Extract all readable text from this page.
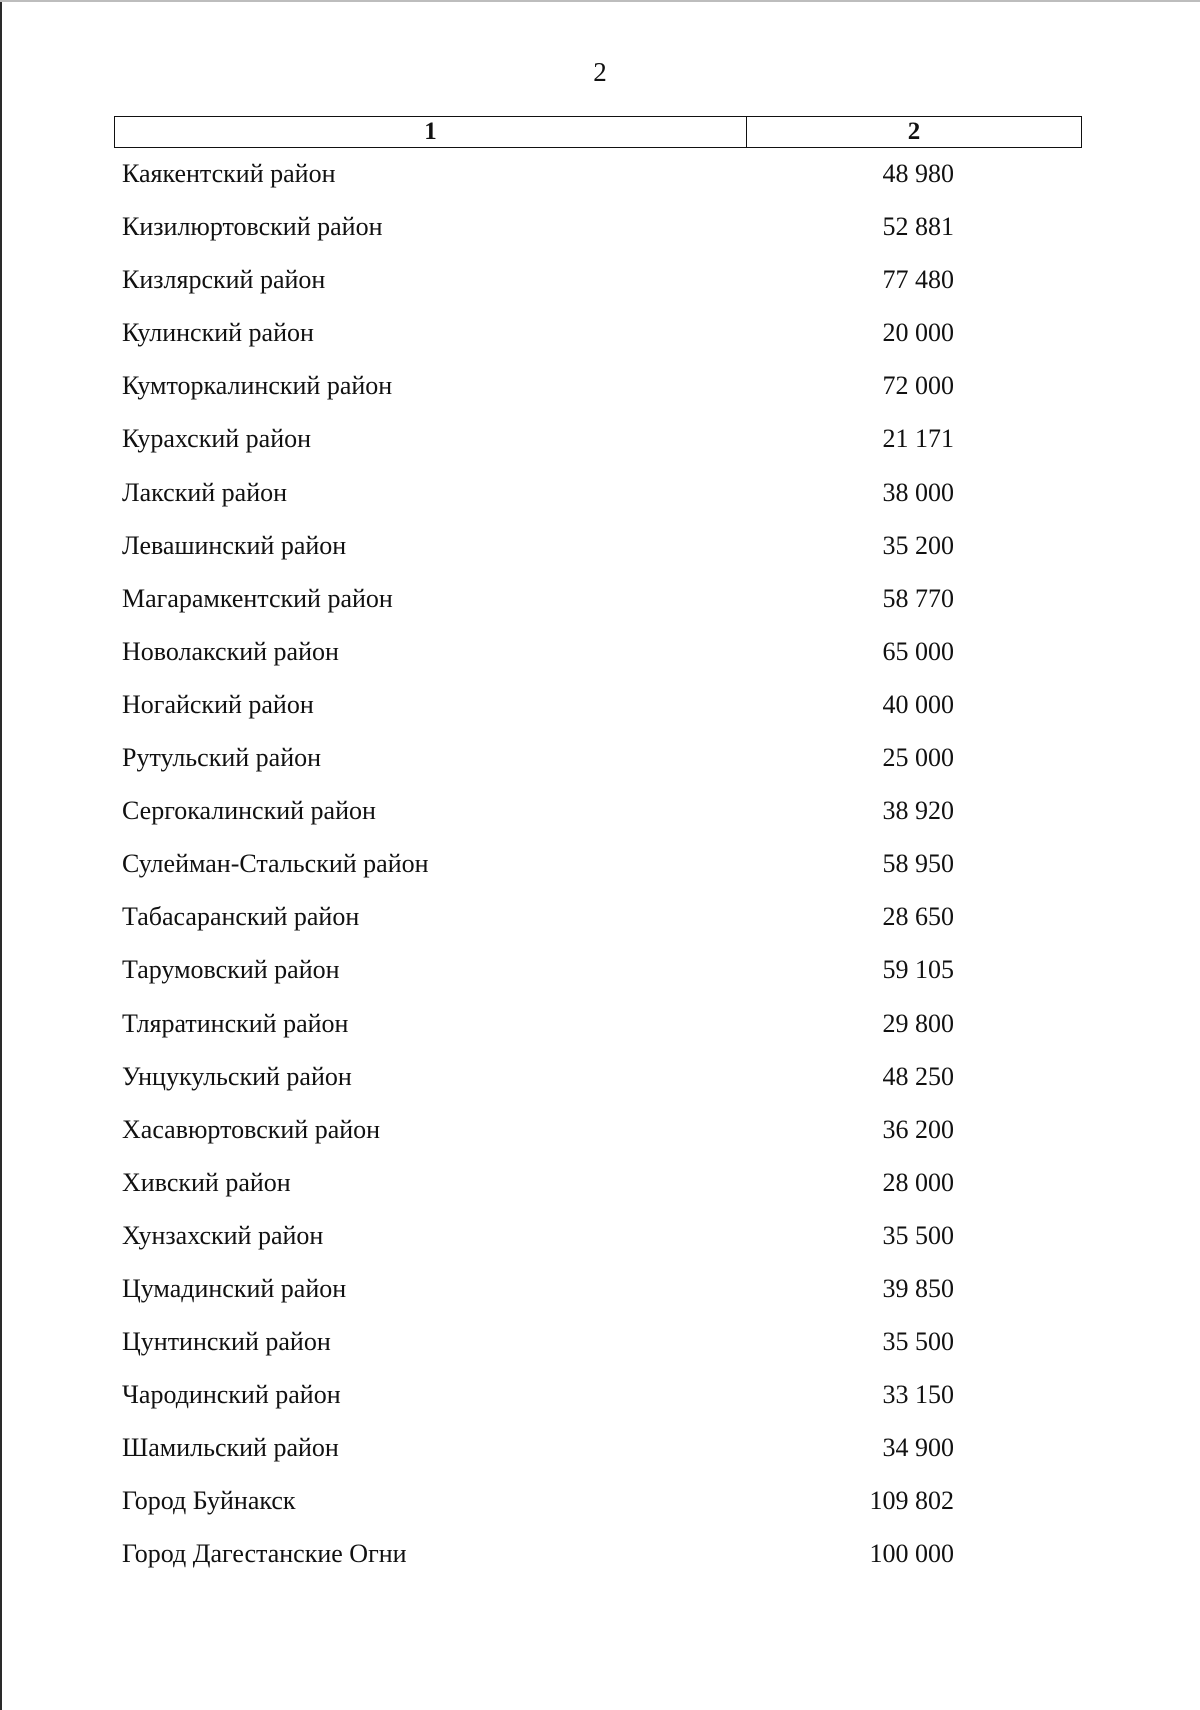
2
1	2
Каякентский район	48 980
Кизилюртовский район	52 881
Кизлярский район	77 480
Кулинский район	20 000
Кумторкалинский район	72 000
Курахский район	21 171
Лакский район	38 000
Левашинский район	35 200
Магарамкентский район	58 770
Новолакский район	65 000
Ногайский район	40 000
Рутульский район	25 000
Сергокалинский район	38 920
Сулейман-Стальский район	58 950
Табасаранский район	28 650
Тарумовский район	59 105
Тляратинский район	29 800
Унцукульский район	48 250
Хасавюртовский район	36 200
Хивский район	28 000
Хунзахский район	35 500
Цумадинский район	39 850
Цунтинский район	35 500
Чародинский район	33 150
Шамильский район	34 900
Город Буйнакск	109 802
Город Дагестанские Огни	100 000
